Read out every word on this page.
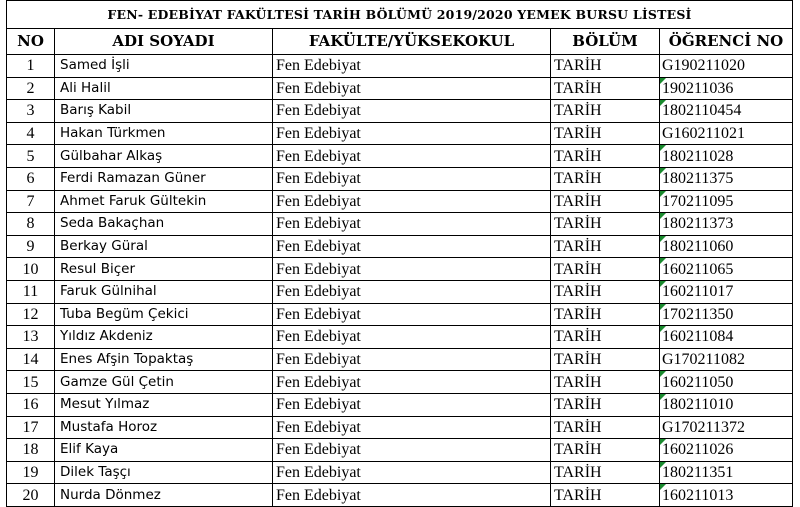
FEN- EDEBİYAT FAKÜLTESİ TARİH BÖLÜMÜ 2019/2020 YEMEK BURSU LİSTESİ				
NO	ADI SOYADI	FAKÜLTE/YÜKSEKOKUL	BÖLÜM	ÖĞRENCİ NO
1	Samed İşli	Fen Edebiyat	TARİH	G190211020
2	Ali Halil	Fen Edebiyat	TARİH	190211036
3	Barış Kabil	Fen Edebiyat	TARİH	1802110454
4	Hakan Türkmen	Fen Edebiyat	TARİH	G160211021
5	Gülbahar Alkaş	Fen Edebiyat	TARİH	180211028
6	Ferdi Ramazan Güner	Fen Edebiyat	TARİH	180211375
7	Ahmet Faruk Gültekin	Fen Edebiyat	TARİH	170211095
8	Seda Bakaçhan	Fen Edebiyat	TARİH	180211373
9	Berkay Güral	Fen Edebiyat	TARİH	180211060
10	Resul Biçer	Fen Edebiyat	TARİH	160211065
11	Faruk Gülnihal	Fen Edebiyat	TARİH	160211017
12	Tuba Begüm Çekici	Fen Edebiyat	TARİH	170211350
13	Yıldız Akdeniz	Fen Edebiyat	TARİH	160211084
14	Enes Afşin Topaktaş	Fen Edebiyat	TARİH	G170211082
15	Gamze Gül Çetin	Fen Edebiyat	TARİH	160211050
16	Mesut Yılmaz	Fen Edebiyat	TARİH	180211010
17	Mustafa Horoz	Fen Edebiyat	TARİH	G170211372
18	Elif Kaya	Fen Edebiyat	TARİH	160211026
19	Dilek Taşçı	Fen Edebiyat	TARİH	180211351
20	Nurda Dönmez	Fen Edebiyat	TARİH	160211013
